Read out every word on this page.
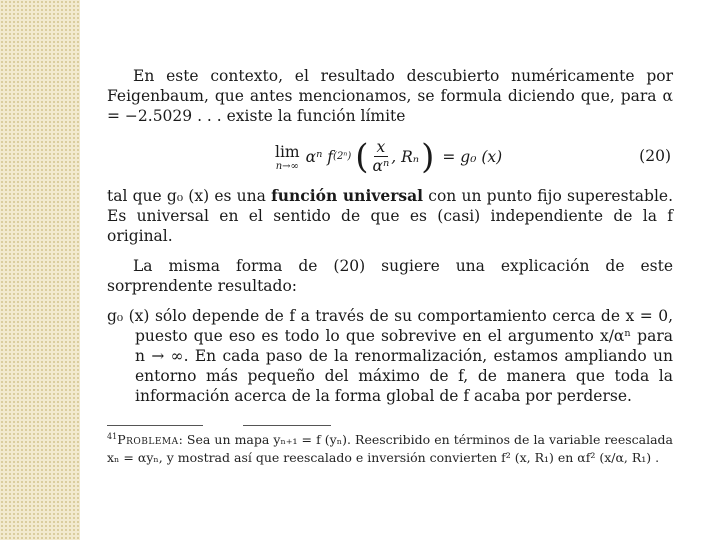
En este contexto, el resultado descubierto numéricamente por Feigenbaum, que antes mencionamos, se formula diciendo que, para α = −2.5029 . . . existe la función límite

lim
n→∞
αⁿ f (2ⁿ) ( $\frac{x}{\text{αⁿ}}$ , Rₙ ) = g₀ (x)	(20)

tal que g₀ (x) es una función universal con un punto fijo superestable. Es universal en el sentido de que es (casi) independiente de la f original.

La misma forma de (20) sugiere una explicación de este sorprendente resultado:

g₀ (x) sólo depende de f a través de su comportamiento cerca de x = 0, puesto que eso es todo lo que sobrevive en el argumento x/αⁿ para n → ∞. En cada paso de la renormalización, estamos ampliando un entorno más pequeño del máximo de f, de manera que toda la información acerca de la forma global de f acaba por perderse.

$^{41}$Problema: Sea un mapa yₙ₊₁ = f (yₙ). Reescribido en términos de la variable reescalada xₙ = αyₙ, y mostrad así que reescalado e inversión convierten f² (x, R₁) en αf² (x/α, R₁) .
